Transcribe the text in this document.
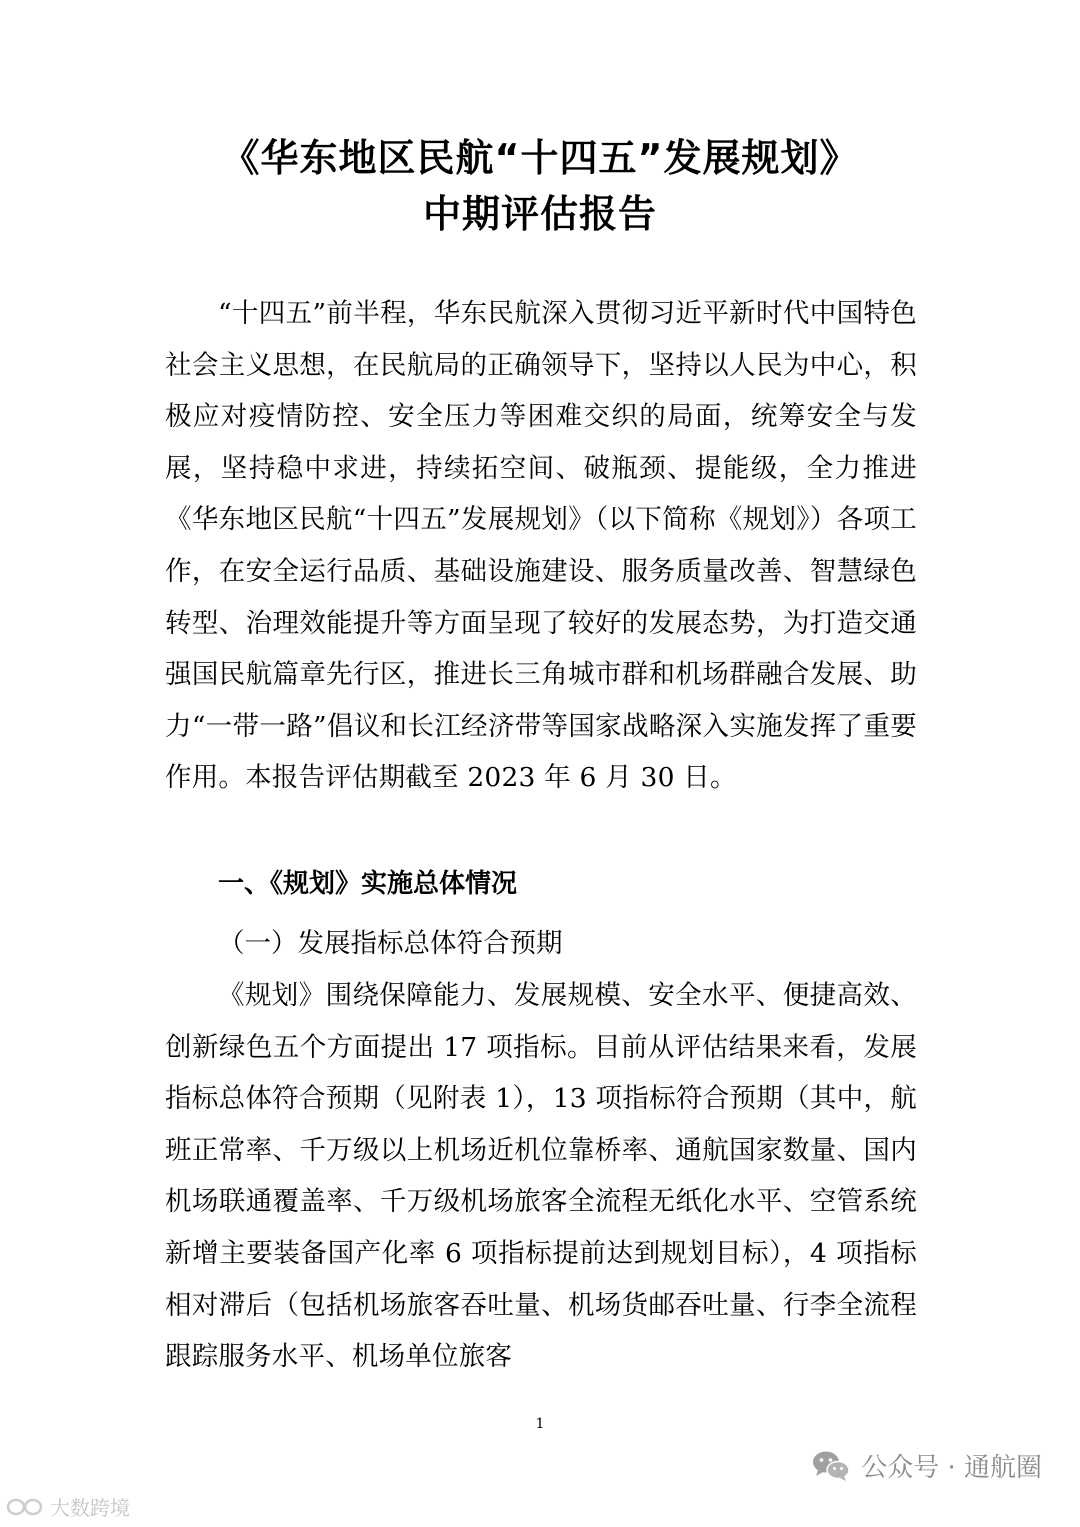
《华东地区民航“十四五”发展规划》
中期评估报告
“十四五”前半程，华东民航深入贯彻习近平新时代中国特色社会主义思想，在民航局的正确领导下，坚持以人民为中心，积极应对疫情防控、安全压力等困难交织的局面，统筹安全与发展，坚持稳中求进，持续拓空间、破瓶颈、提能级，全力推进《华东地区民航“十四五”发展规划》（以下简称《规划》）各项工作，在安全运行品质、基础设施建设、服务质量改善、智慧绿色转型、治理效能提升等方面呈现了较好的发展态势，为打造交通强国民航篇章先行区，推进长三角城市群和机场群融合发展、助力“一带一路”倡议和长江经济带等国家战略深入实施发挥了重要作用。本报告评估期截至 2023 年 6 月 30 日。
一、《规划》实施总体情况
（一）发展指标总体符合预期
《规划》围绕保障能力、发展规模、安全水平、便捷高效、创新绿色五个方面提出 17 项指标。目前从评估结果来看，发展指标总体符合预期（见附表 1），13 项指标符合预期（其中，航班正常率、千万级以上机场近机位靠桥率、通航国家数量、国内机场联通覆盖率、千万级机场旅客全流程无纸化水平、空管系统新增主要装备国产化率 6 项指标提前达到规划目标），4 项指标相对滞后（包括机场旅客吞吐量、机场货邮吞吐量、行李全流程跟踪服务水平、机场单位旅客
1
大数跨境
公众号 · 通航圈
